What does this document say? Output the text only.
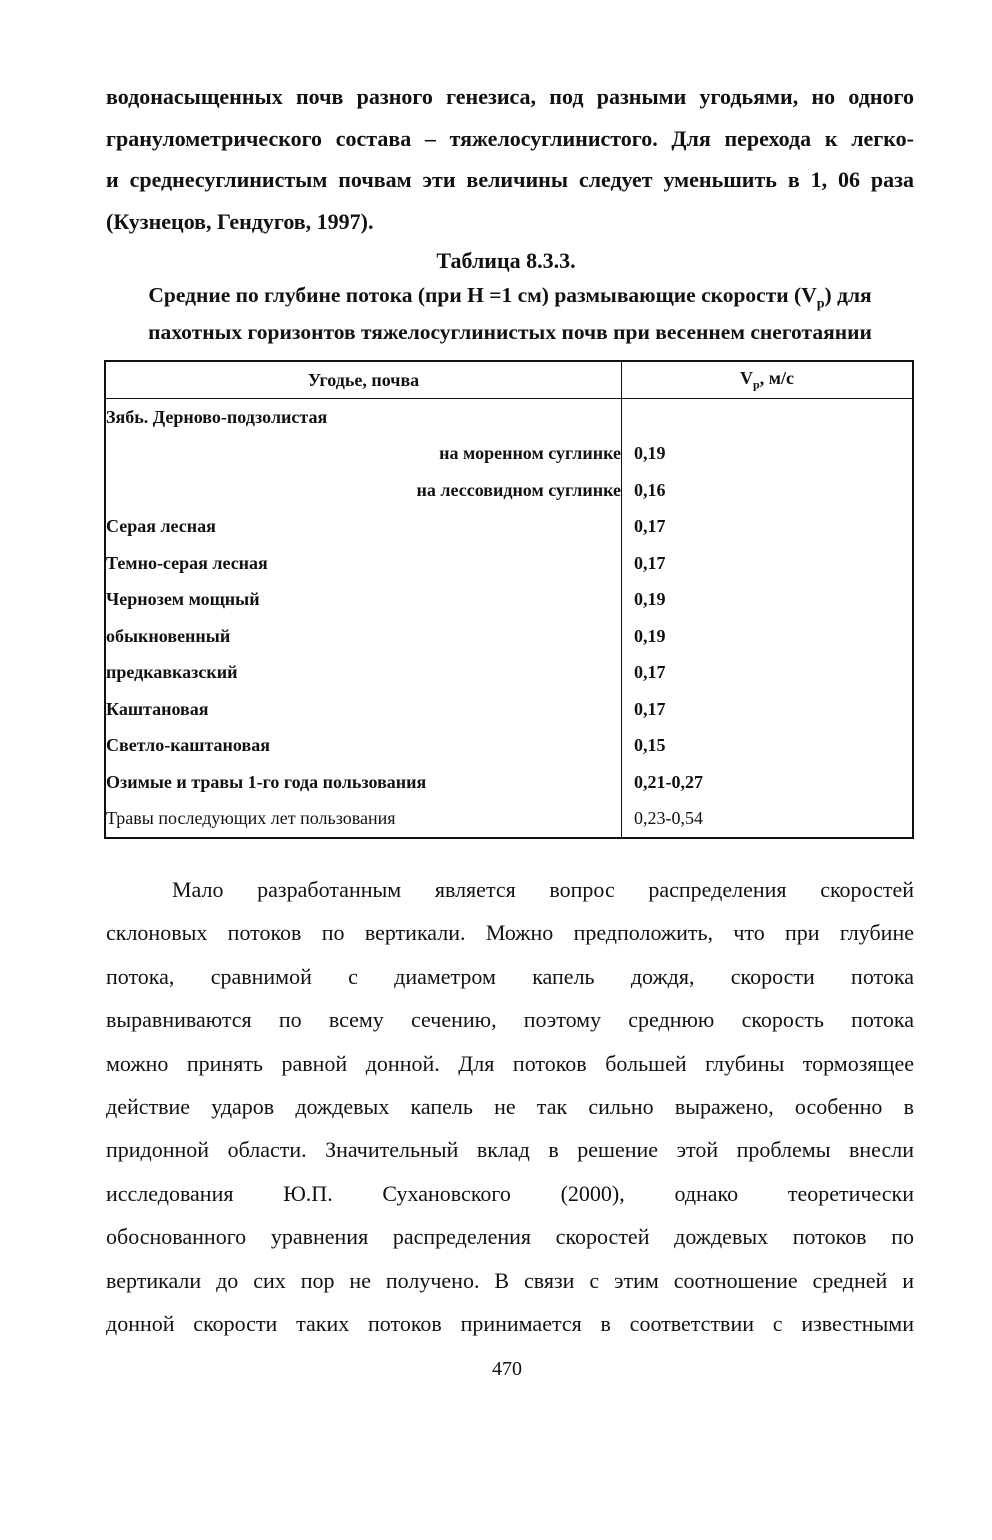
водонасыщенных почв разного генезиса, под разными угодьями, но одного
гранулометрического состава – тяжелосуглинистого. Для перехода к легко-
и среднесуглинистым почвам эти величины следует уменьшить в 1, 06 раза
(Кузнецов, Гендугов, 1997).
Таблица 8.3.3.
Средние по глубине потока (при Н =1 см) размывающие скорости $(V_p)$ для
пахотных горизонтов тяжелосуглинистых почв при весеннем снеготаянии
Угодье, почва	$V_p$, м/с
Зябь. Дерново-подзолистая	
на моренном суглинке	0,19
на лессовидном суглинке	0,16
Серая лесная	0,17
Темно-серая лесная	0,17
Чернозем мощный	0,19
обыкновенный	0,19
предкавказский	0,17
Каштановая	0,17
Светло-каштановая	0,15
Озимые и травы 1-го года пользования	0,21-0,27
Травы последующих лет пользования	0,23-0,54
Мало разработанным является вопрос распределения скоростей
склоновых потоков по вертикали. Можно предположить, что при глубине
потока, сравнимой с диаметром капель дождя, скорости потока
выравниваются по всему сечению, поэтому среднюю скорость потока
можно принять равной донной. Для потоков большей глубины тормозящее
действие ударов дождевых капель не так сильно выражено, особенно в
придонной области. Значительный вклад в решение этой проблемы внесли
исследования Ю.П. Сухановского (2000), однако теоретически
обоснованного уравнения распределения скоростей дождевых потоков по
вертикали до сих пор не получено. В связи с этим соотношение средней и
донной скорости таких потоков принимается в соответствии с известными
470
